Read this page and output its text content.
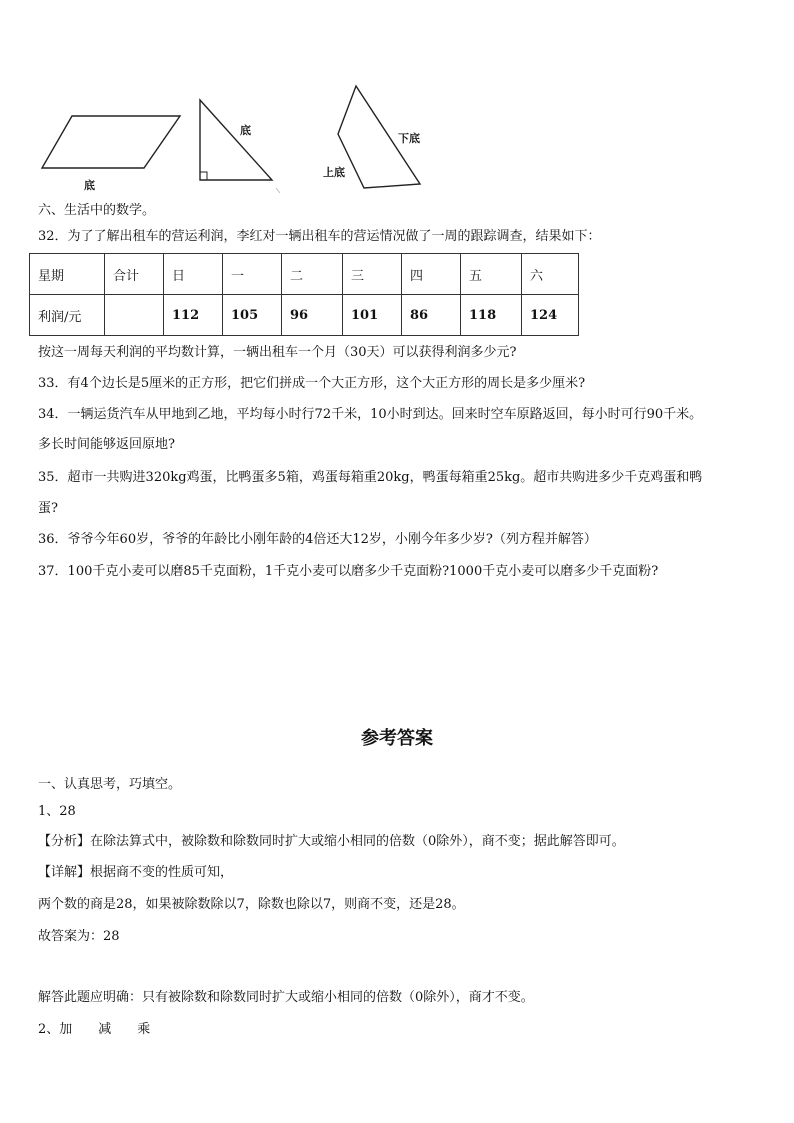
底
底
下底
上底
六、生活中的数学。
32．为了了解出租车的营运利润，李红对一辆出租车的营运情况做了一周的跟踪调查，结果如下：
星期	合计	日	一	二	三	四	五	六
利润/元		112	105	96	101	86	118	124
按这一周每天利润的平均数计算，一辆出租车一个月（30天）可以获得利润多少元?
33．有4个边长是5厘米的正方形，把它们拼成一个大正方形，这个大正方形的周长是多少厘米?
34．一辆运货汽车从甲地到乙地，平均每小时行72千米，10小时到达。回来时空车原路返回，每小时可行90千米。
多长时间能够返回原地?
35．超市一共购进320kg鸡蛋，比鸭蛋多5箱，鸡蛋每箱重20kg，鸭蛋每箱重25kg。超市共购进多少千克鸡蛋和鸭
蛋?
36．爷爷今年60岁，爷爷的年龄比小刚年龄的4倍还大12岁，小刚今年多少岁?（列方程并解答）
37．100千克小麦可以磨85千克面粉，1千克小麦可以磨多少千克面粉?1000千克小麦可以磨多少千克面粉?
参考答案
一、认真思考，巧填空。
1、28
【分析】在除法算式中，被除数和除数同时扩大或缩小相同的倍数（0除外），商不变；据此解答即可。
【详解】根据商不变的性质可知，
两个数的商是28，如果被除数除以7，除数也除以7，则商不变，还是28。
故答案为：28
解答此题应明确：只有被除数和除数同时扩大或缩小相同的倍数（0除外），商才不变。
2、加　　减　　乘
